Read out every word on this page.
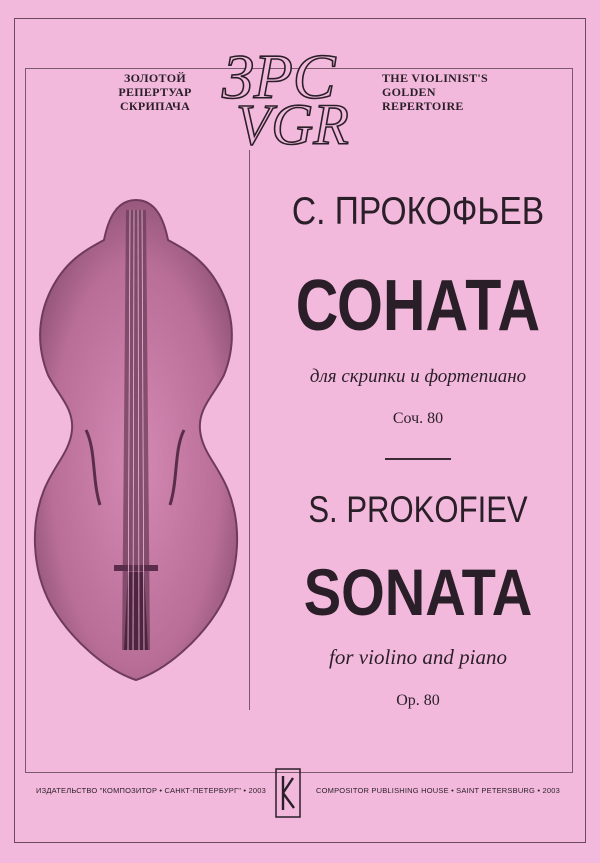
ЗОЛОТОЙ
РЕПЕРТУАР
СКРИПАЧА ЗРС
VGR
THE VIOLINIST'S
GOLDEN
REPERTOIRE
С. ПРОКОФЬЕВ
СОНАТА
для скрипки и фортепиано
Соч. 80
S. PROKOFIEV
SONATA
for violino and piano
Op. 80
ИЗДАТЕЛЬСТВО "КОМПОЗИТОР • САНКТ-ПЕТЕРБУРГ" • 2003	COMPOSITOR PUBLISHING HOUSE • SAINT PETERSBURG • 2003
